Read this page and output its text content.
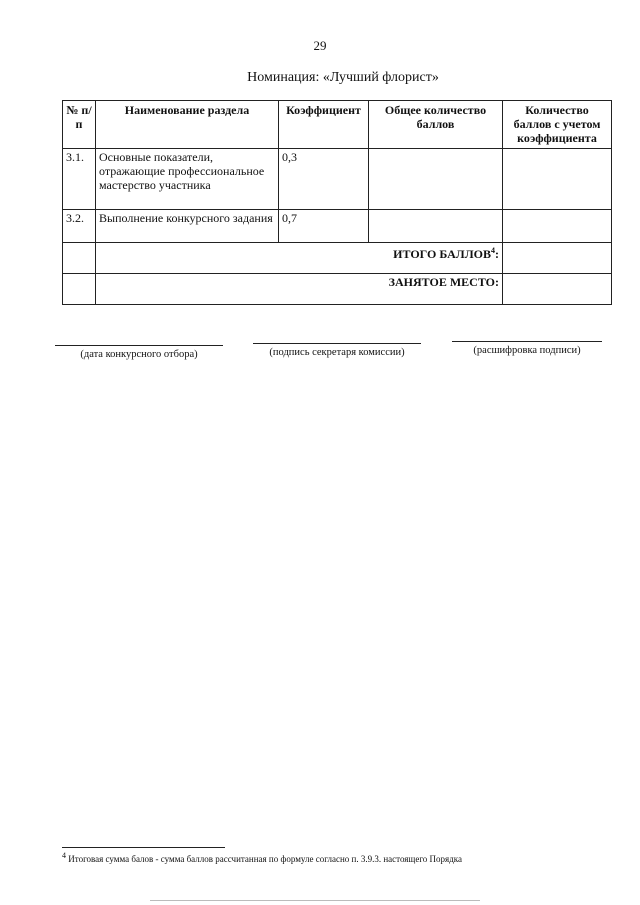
29
Номинация: «Лучший флорист»
№ п/п	Наименование раздела	Коэффициент	Общее количество баллов	Количество баллов с учетом коэффициента
3.1.	Основные показатели, отражающие профессиональное мастерство участника	0,3		
3.2.	Выполнение конкурсного задания	0,7		
	ИТОГО БАЛЛОВ$^4$:			
	ЗАНЯТОЕ МЕСТО:			
(дата конкурсного отбора)	(подпись секретаря комиссии)	(расшифровка подписи)
$^4$ Итоговая сумма балов - сумма баллов рассчитанная по формуле согласно п. 3.9.3. настоящего Порядка
